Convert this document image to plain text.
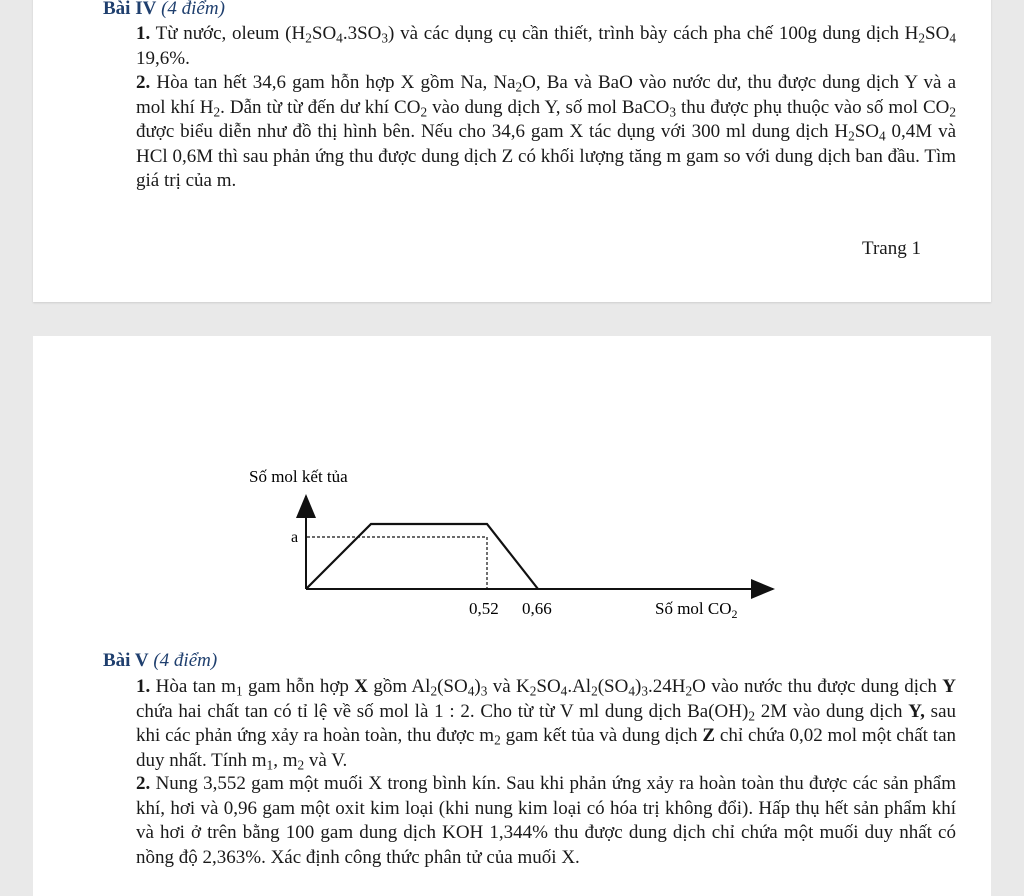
Bài IV (4 điểm)
1. Từ nước, oleum $(H_2SO_4.3SO_3)$ và các dụng cụ cần thiết, trình bày cách pha chế 100g dung dịch $H_2SO_4$ 19,6%.
2. Hòa tan hết 34,6 gam hỗn hợp X gồm Na, $Na_2O$, Ba và BaO vào nước dư, thu được dung dịch Y và a mol khí $H_2$. Dẫn từ từ đến dư khí $CO_2$ vào dung dịch Y, số mol BaCO$_3$ thu được phụ thuộc vào số mol $CO_2$ được biểu diễn như đồ thị hình bên. Nếu cho 34,6 gam X tác dụng với 300 ml dung dịch $H_2SO_4$ 0,4M và HCl 0,6M thì sau phản ứng thu được dung dịch Z có khối lượng tăng m gam so với dung dịch ban đầu. Tìm giá trị của m.
Trang 1
Số mol kết tủa
a
0,52 0,66	Số mol $CO_2$
Bài V (4 điểm)
1. Hòa $\tan m_1$ gam hỗn hợp X gồm $Al_2(SO_4)_3$ và $K_2SO_4.Al_2(SO_4)_3.24H_2O$ vào nước thu được dung dịch Y chứa hai chất tan có tỉ lệ về số mol là 1 : 2. Cho từ từ V ml dung dịch $Ba(OH)_2$ 2M vào dung dịch Y, sau khi các phản ứng xảy ra hoàn toàn, thu được $m_2$ gam kết tủa và dung dịch Z chỉ chứa 0,02 mol một chất tan duy nhất. Tính $m_1$, $m_2$ và V.
2. Nung 3,552 gam một muối X trong bình kín. Sau khi phản ứng xảy ra hoàn toàn thu được các sản phẩm khí, hơi và 0,96 gam một oxit kim loại (khi nung kim loại có hóa trị không đổi). Hấp thụ hết sản phẩm khí và hơi ở trên bằng 100 gam dung dịch KOH 1,344% thu được dung dịch chỉ chứa một muối duy nhất có nồng độ 2,363%. Xác định công thức phân tử của muối X.
